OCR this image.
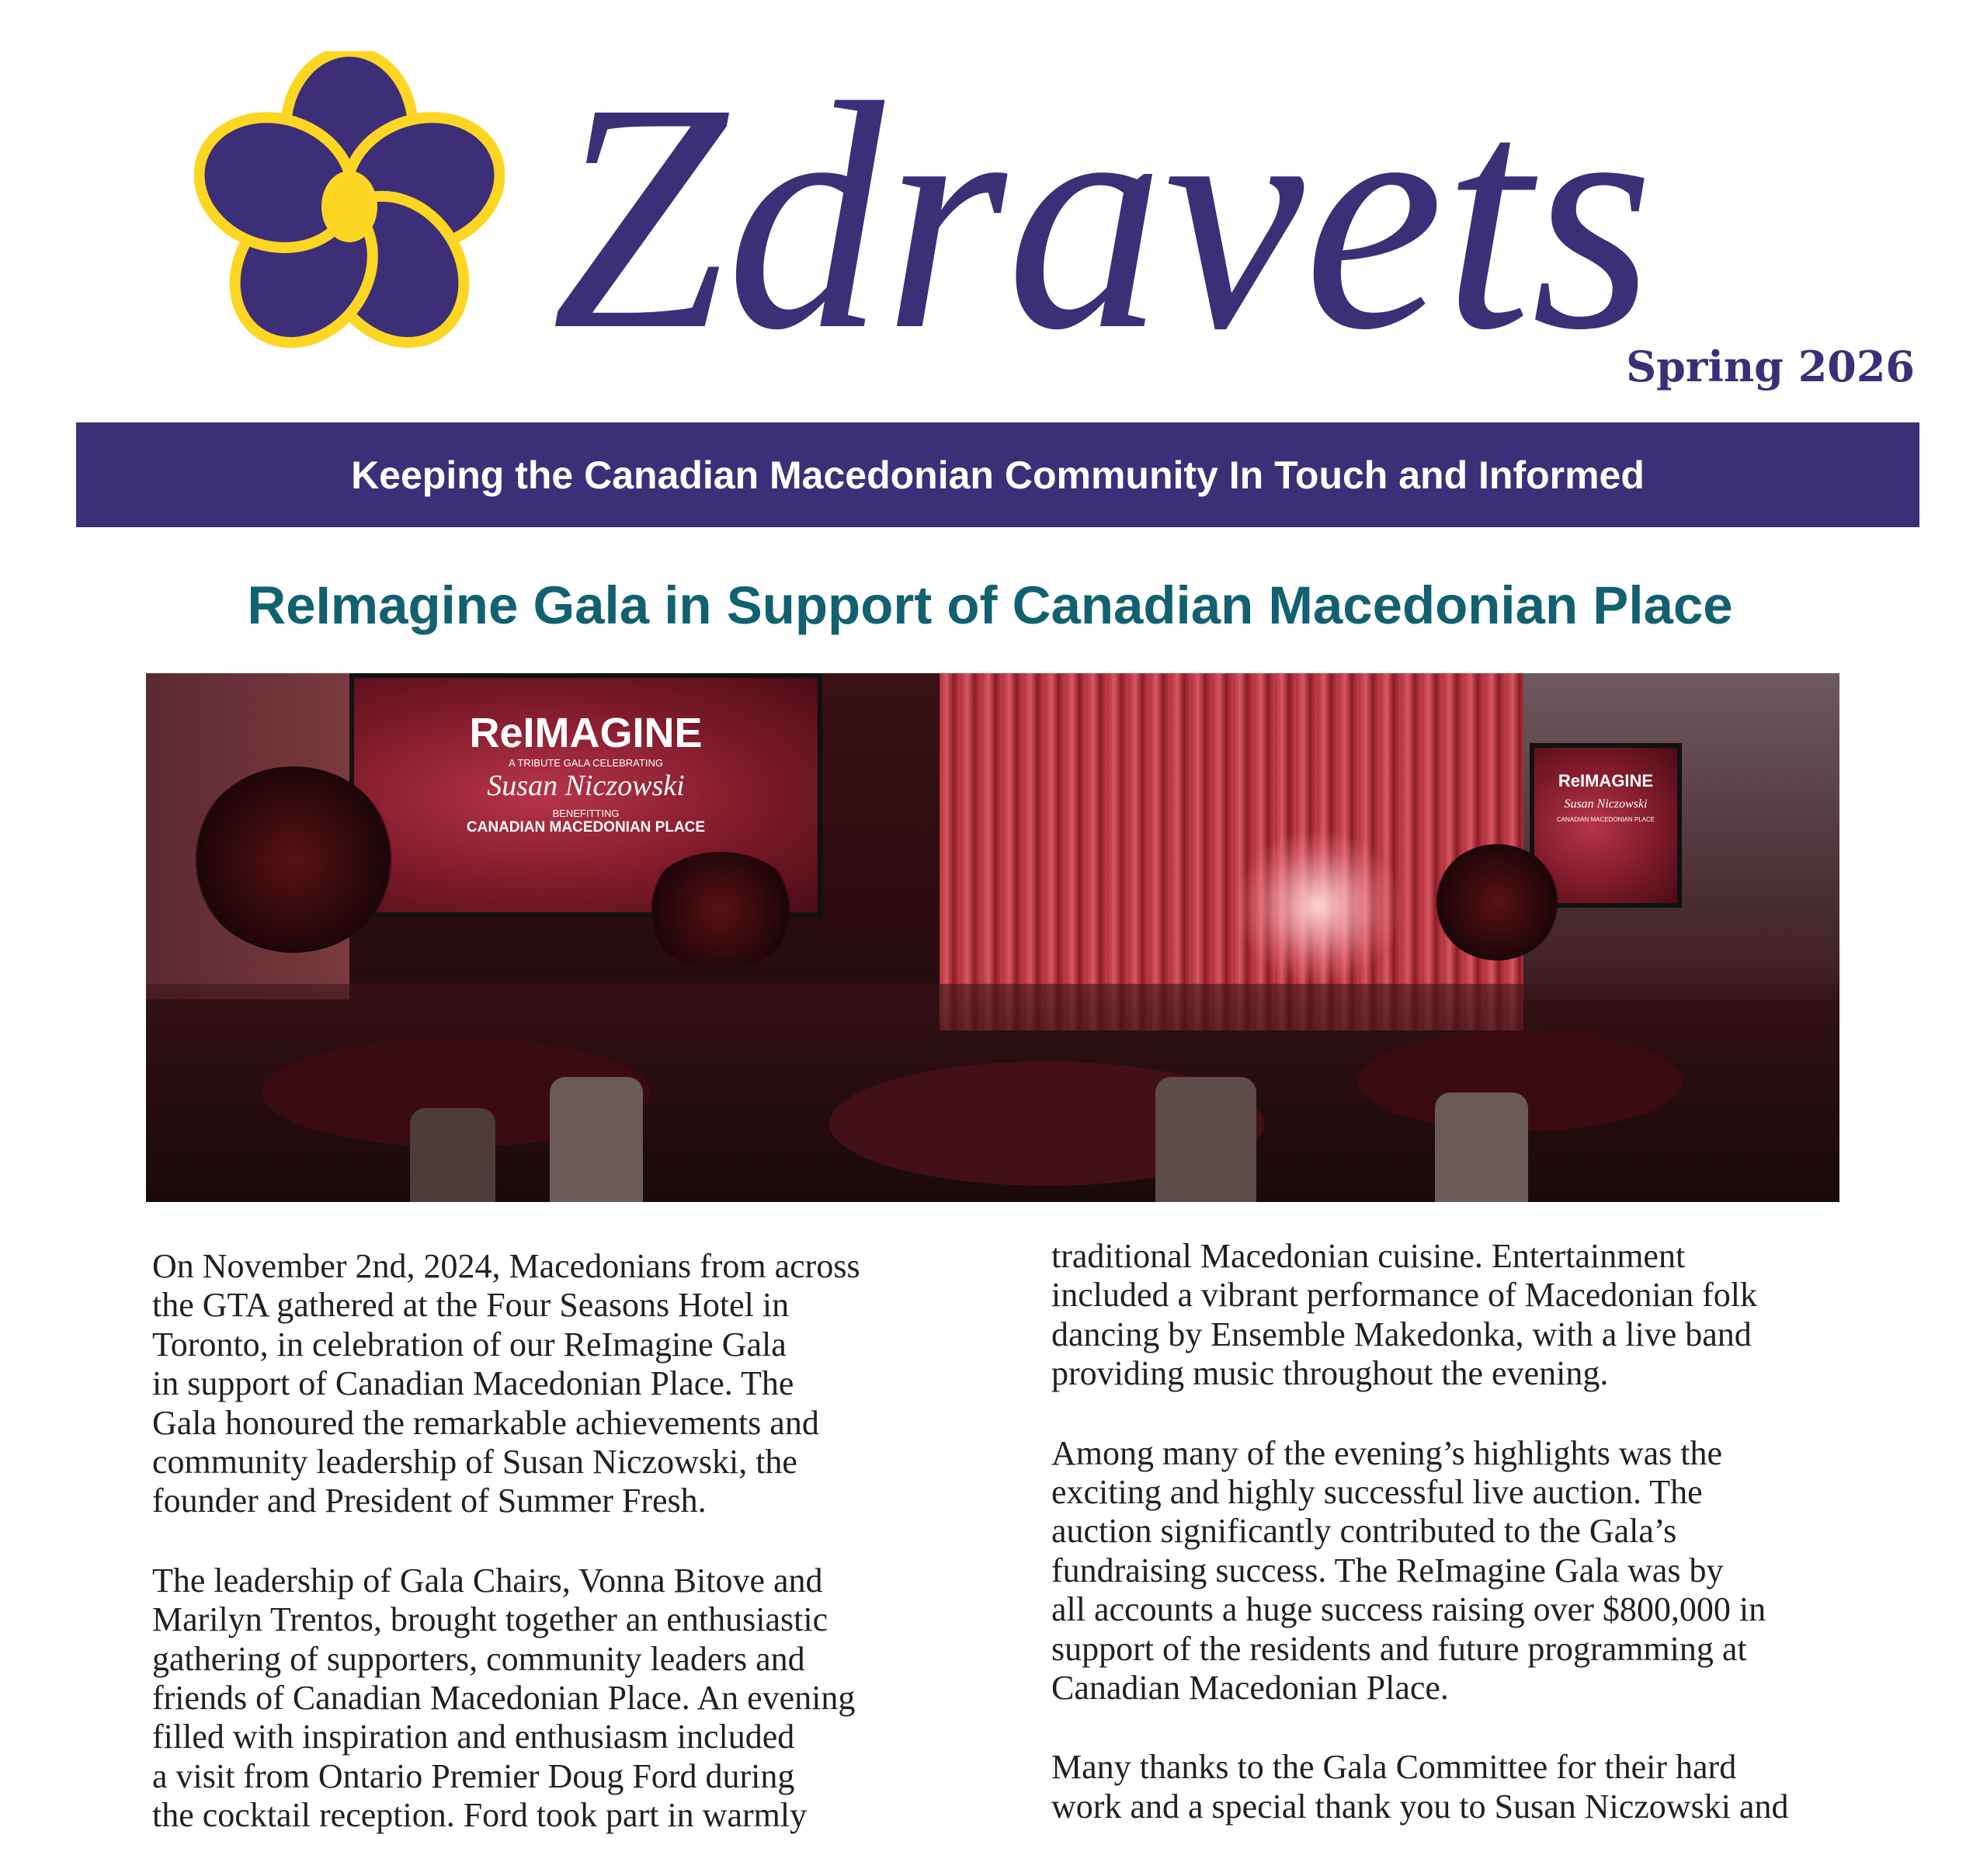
Zdravets
Spring 2026
Keeping the Canadian Macedonian Community In Touch and Informed
ReImagine Gala in Support of Canadian Macedonian Place
ReIMAGINE
A TRIBUTE GALA CELEBRATING
Susan Niczowski
BENEFITTING
CANADIAN MACEDONIAN PLACE
ReIMAGINE
Susan Niczowski
CANADIAN MACEDONIAN PLACE

On November 2nd, 2024, Macedonians from across
the GTA gathered at the Four Seasons Hotel in
Toronto, in celebration of our ReImagine Gala
in support of Canadian Macedonian Place. The
Gala honoured the remarkable achievements and
community leadership of Susan Niczowski, the
founder and President of Summer Fresh.

The leadership of Gala Chairs, Vonna Bitove and
Marilyn Trentos, brought together an enthusiastic
gathering of supporters, community leaders and
friends of Canadian Macedonian Place. An evening
filled with inspiration and enthusiasm included
a visit from Ontario Premier Doug Ford during
the cocktail reception. Ford took part in warmly

traditional Macedonian cuisine. Entertainment
included a vibrant performance of Macedonian folk
dancing by Ensemble Makedonka, with a live band
providing music throughout the evening.

Among many of the evening’s highlights was the
exciting and highly successful live auction. The
auction significantly contributed to the Gala’s
fundraising success. The ReImagine Gala was by
all accounts a huge success raising over $800,000 in
support of the residents and future programming at
Canadian Macedonian Place.

Many thanks to the Gala Committee for their hard
work and a special thank you to Susan Niczowski and
